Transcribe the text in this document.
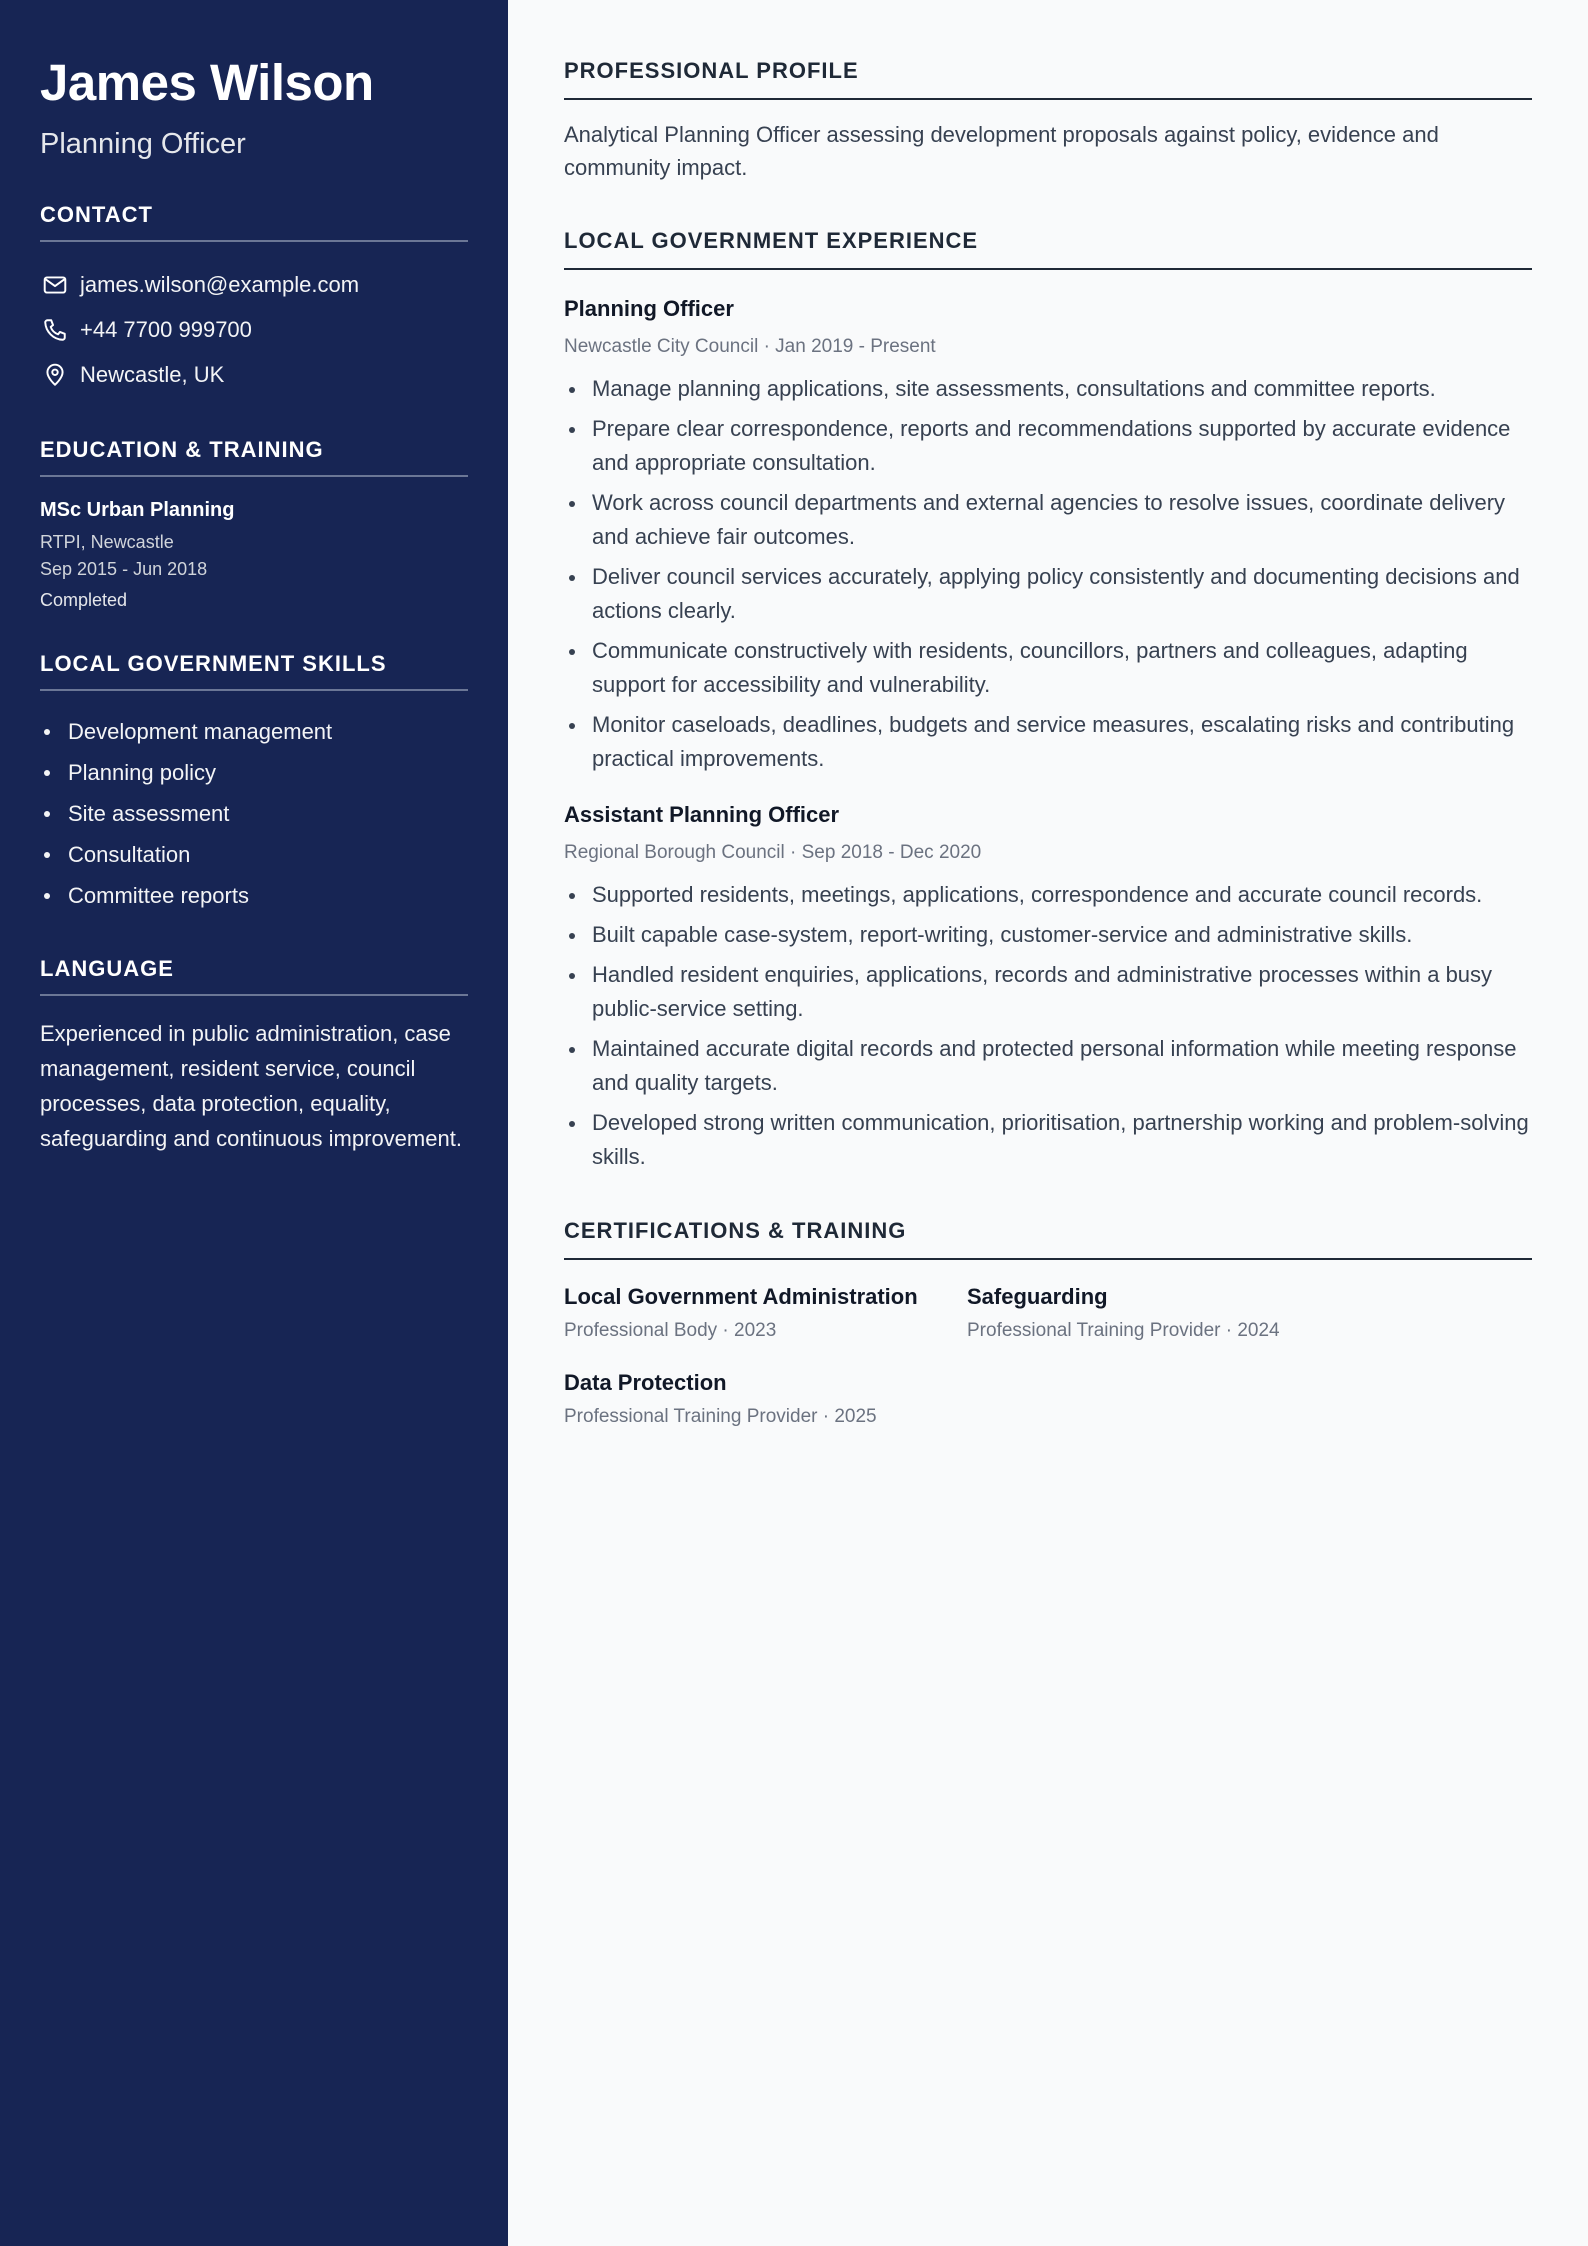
James Wilson
Planning Officer
CONTACT
james.wilson@example.com
+44 7700 999700
Newcastle, UK
EDUCATION & TRAINING
MSc Urban Planning
RTPI, Newcastle
Sep 2015 - Jun 2018
Completed
LOCAL GOVERNMENT SKILLS
Development management
Planning policy
Site assessment
Consultation
Committee reports
LANGUAGE

Experienced in public administration, case management, resident service, council processes, data protection, equality, safeguarding and continuous improvement.

PROFESSIONAL PROFILE

Analytical Planning Officer assessing development proposals against policy, evidence and community impact.

LOCAL GOVERNMENT EXPERIENCE
Planning Officer
Newcastle City Council · Jan 2019 - Present
Manage planning applications, site assessments, consultations and committee reports.
Prepare clear correspondence, reports and recommendations supported by accurate evidence and appropriate consultation.
Work across council departments and external agencies to resolve issues, coordinate delivery and achieve fair outcomes.
Deliver council services accurately, applying policy consistently and documenting decisions and actions clearly.
Communicate constructively with residents, councillors, partners and colleagues, adapting support for accessibility and vulnerability.
Monitor caseloads, deadlines, budgets and service measures, escalating risks and contributing practical improvements.
Assistant Planning Officer
Regional Borough Council · Sep 2018 - Dec 2020
Supported residents, meetings, applications, correspondence and accurate council records.
Built capable case-system, report-writing, customer-service and administrative skills.
Handled resident enquiries, applications, records and administrative processes within a busy public-service setting.
Maintained accurate digital records and protected personal information while meeting response and quality targets.
Developed strong written communication, prioritisation, partnership working and problem-solving skills.
CERTIFICATIONS & TRAINING
Local Government Administration
Professional Body · 2023
Safeguarding
Professional Training Provider · 2024
Data Protection
Professional Training Provider · 2025
